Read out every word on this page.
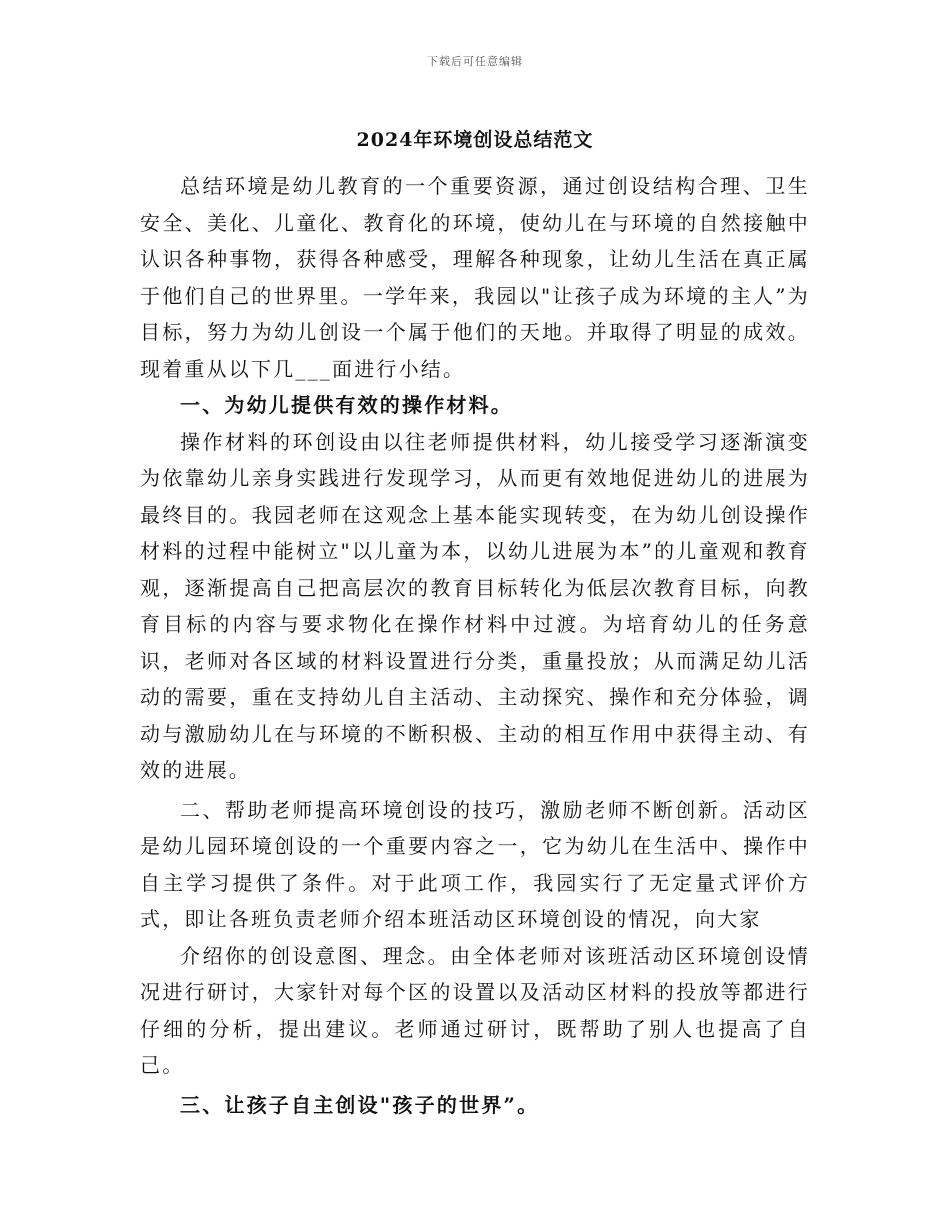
下载后可任意编辑
2024年环境创设总结范文

总结环境是幼儿教育的一个重要资源，通过创设结构合理、卫生安全、美化、儿童化、教育化的环境，使幼儿在与环境的自然接触中认识各种事物，获得各种感受，理解各种现象，让幼儿生活在真正属于他们自己的世界里。一学年来，我园以"让孩子成为环境的主人”为目标，努力为幼儿创设一个属于他们的天地。并取得了明显的成效。现着重从以下几___面进行小结。

一、为幼儿提供有效的操作材料。

操作材料的环创设由以往老师提供材料，幼儿接受学习逐渐演变为依靠幼儿亲身实践进行发现学习，从而更有效地促进幼儿的进展为最终目的。我园老师在这观念上基本能实现转变，在为幼儿创设操作材料的过程中能树立"以儿童为本，以幼儿进展为本”的儿童观和教育观，逐渐提高自己把高层次的教育目标转化为低层次教育目标，向教育目标的内容与要求物化在操作材料中过渡。为培育幼儿的任务意识，老师对各区域的材料设置进行分类，重量投放；从而满足幼儿活动的需要，重在支持幼儿自主活动、主动探究、操作和充分体验，调动与激励幼儿在与环境的不断积极、主动的相互作用中获得主动、有效的进展。

二、帮助老师提高环境创设的技巧，激励老师不断创新。活动区是幼儿园环境创设的一个重要内容之一，它为幼儿在生活中、操作中自主学习提供了条件。对于此项工作，我园实行了无定量式评价方式，即让各班负责老师介绍本班活动区环境创设的情况，向大家

介绍你的创设意图、理念。由全体老师对该班活动区环境创设情况进行研讨，大家针对每个区的设置以及活动区材料的投放等都进行仔细的分析，提出建议。老师通过研讨，既帮助了别人也提高了自己。

三、让孩子自主创设"孩子的世界”。
